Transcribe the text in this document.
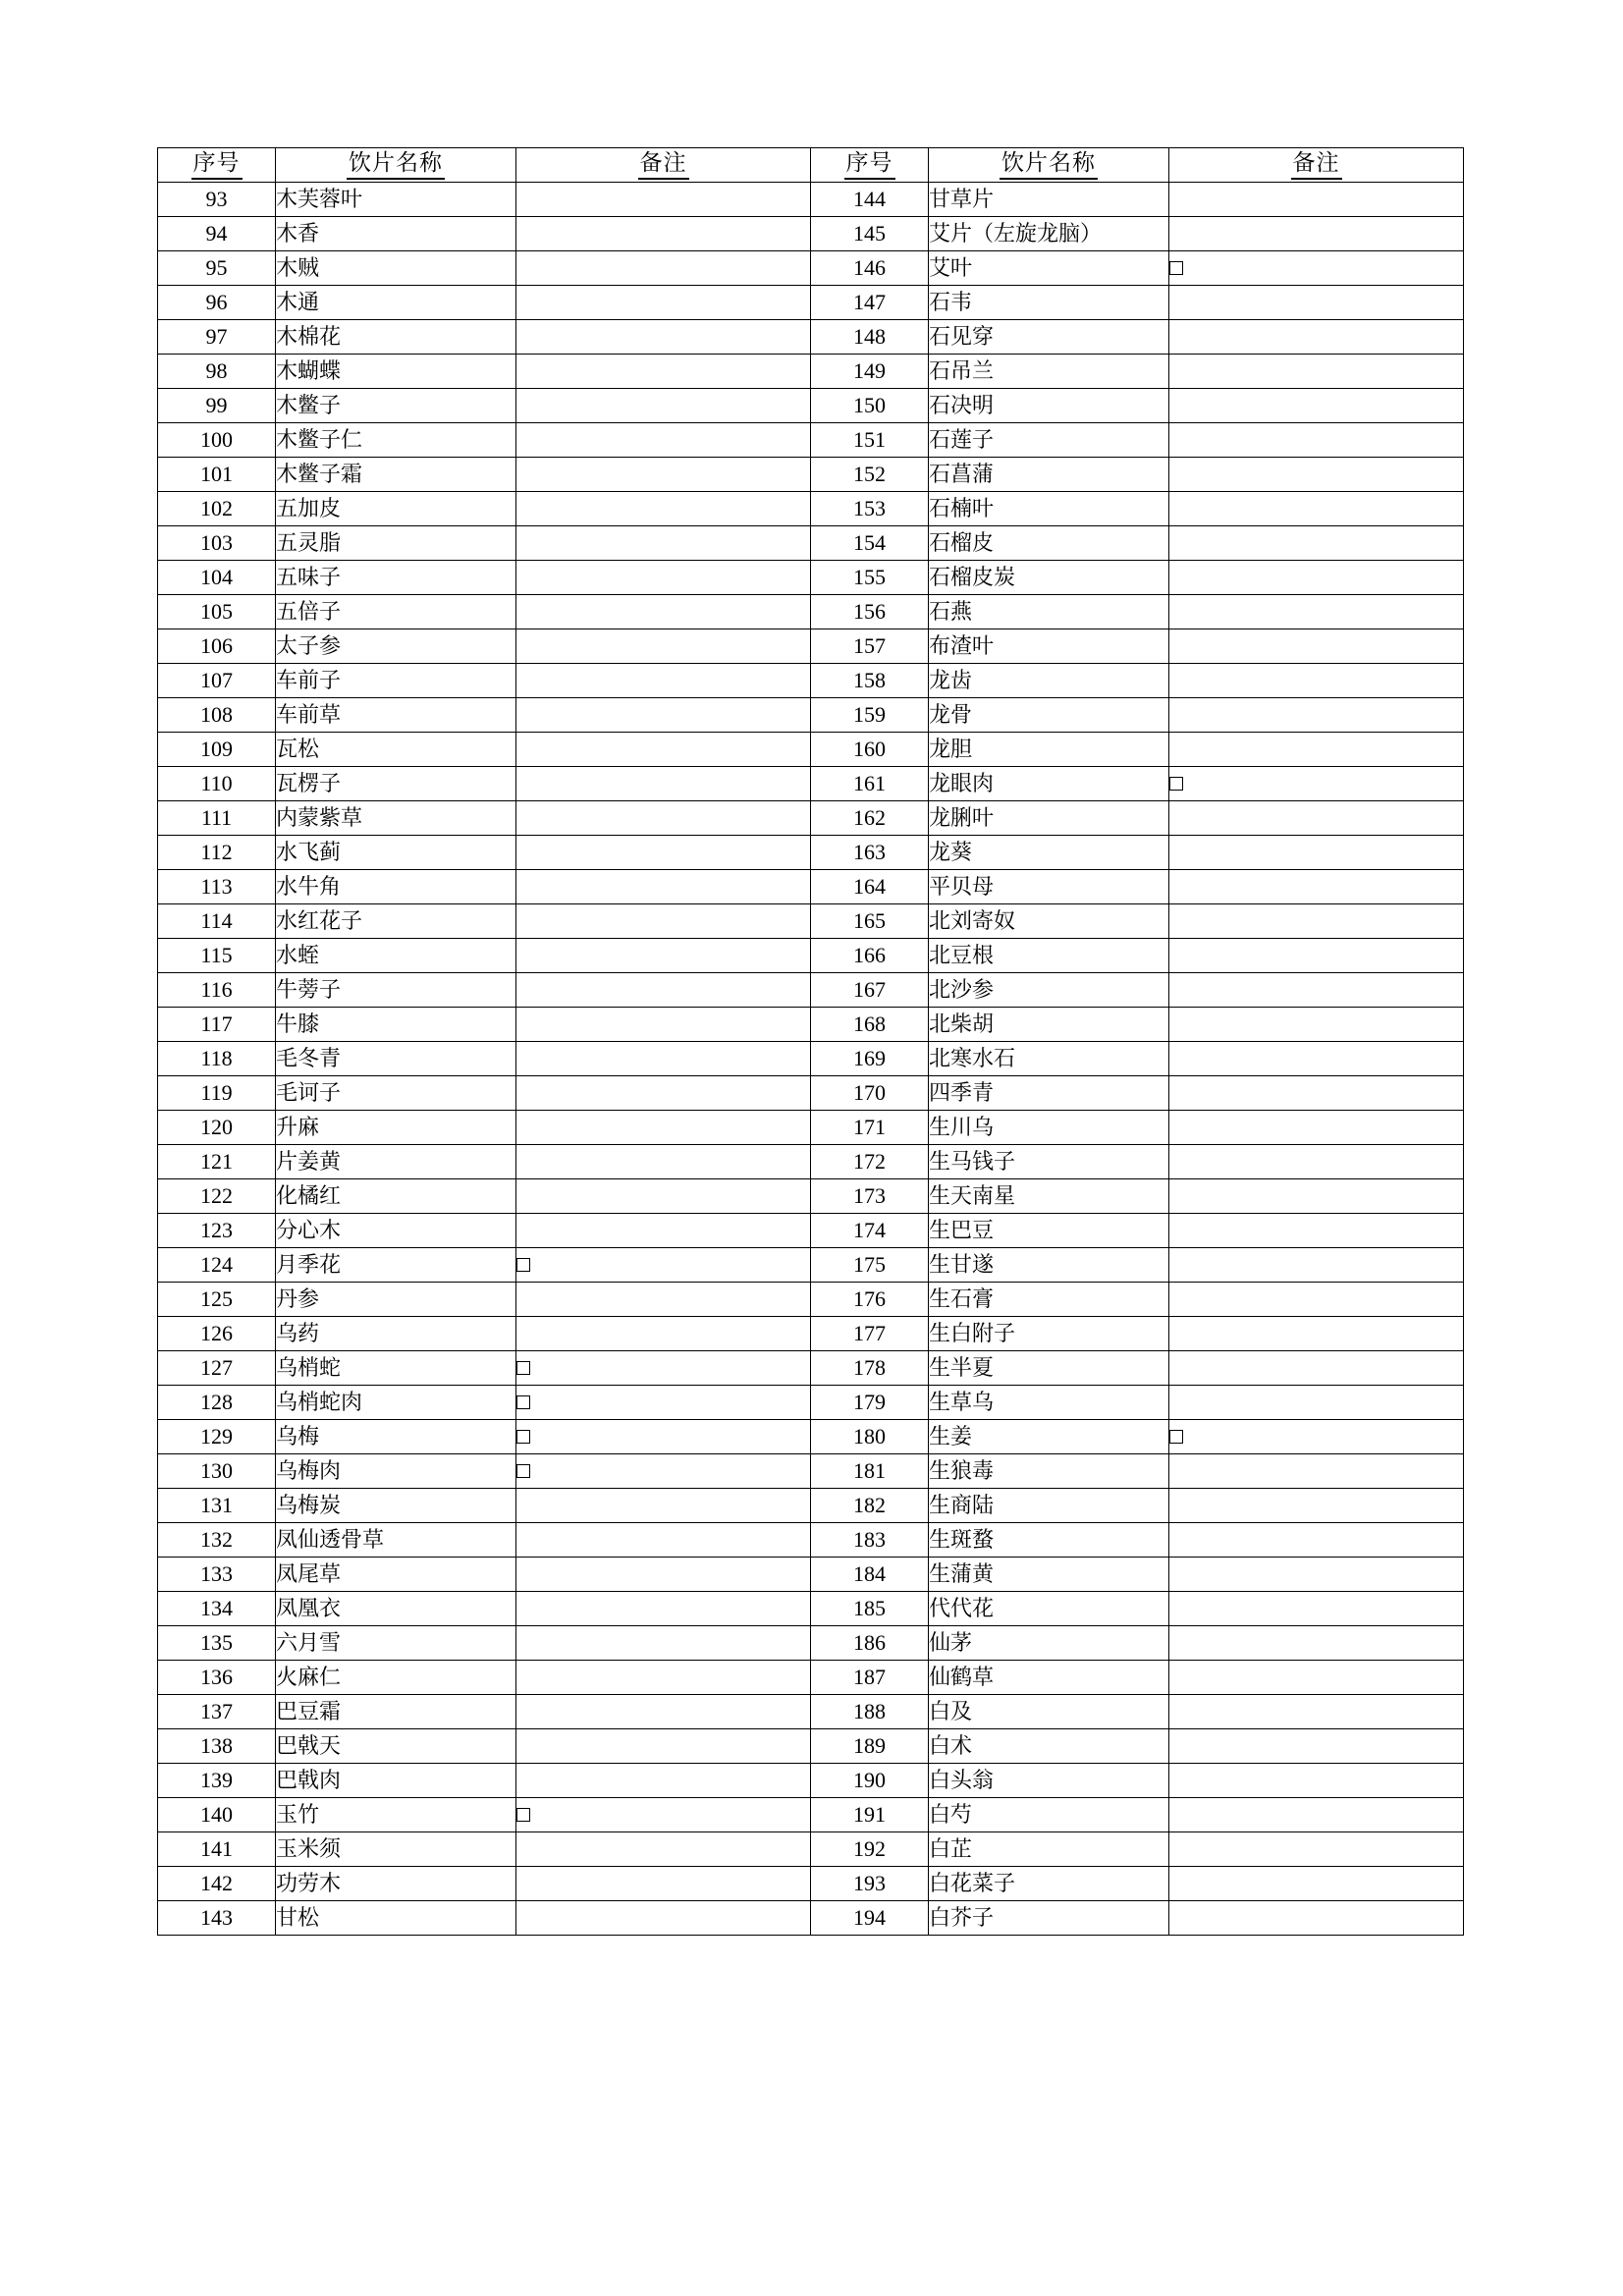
序号	饮片名称	备注	序号	饮片名称	备注
93	木芙蓉叶		144	甘草片	
94	木香		145	艾片（左旋龙脑）	
95	木贼		146	艾叶	
96	木通		147	石韦	
97	木棉花		148	石见穿	
98	木蝴蝶		149	石吊兰	
99	木鳖子		150	石决明	
100	木鳖子仁		151	石莲子	
101	木鳖子霜		152	石菖蒲	
102	五加皮		153	石楠叶	
103	五灵脂		154	石榴皮	
104	五味子		155	石榴皮炭	
105	五倍子		156	石燕	
106	太子参		157	布渣叶	
107	车前子		158	龙齿	
108	车前草		159	龙骨	
109	瓦松		160	龙胆	
110	瓦楞子		161	龙眼肉	
111	内蒙紫草		162	龙脷叶	
112	水飞蓟		163	龙葵	
113	水牛角		164	平贝母	
114	水红花子		165	北刘寄奴	
115	水蛭		166	北豆根	
116	牛蒡子		167	北沙参	
117	牛膝		168	北柴胡	
118	毛冬青		169	北寒水石	
119	毛诃子		170	四季青	
120	升麻		171	生川乌	
121	片姜黄		172	生马钱子	
122	化橘红		173	生天南星	
123	分心木		174	生巴豆	
124	月季花		175	生甘遂	
125	丹参		176	生石膏	
126	乌药		177	生白附子	
127	乌梢蛇		178	生半夏	
128	乌梢蛇肉		179	生草乌	
129	乌梅		180	生姜	
130	乌梅肉		181	生狼毒	
131	乌梅炭		182	生商陆	
132	凤仙透骨草		183	生斑蝥	
133	凤尾草		184	生蒲黄	
134	凤凰衣		185	代代花	
135	六月雪		186	仙茅	
136	火麻仁		187	仙鹤草	
137	巴豆霜		188	白及	
138	巴戟天		189	白术	
139	巴戟肉		190	白头翁	
140	玉竹		191	白芍	
141	玉米须		192	白芷	
142	功劳木		193	白花菜子	
143	甘松		194	白芥子	
